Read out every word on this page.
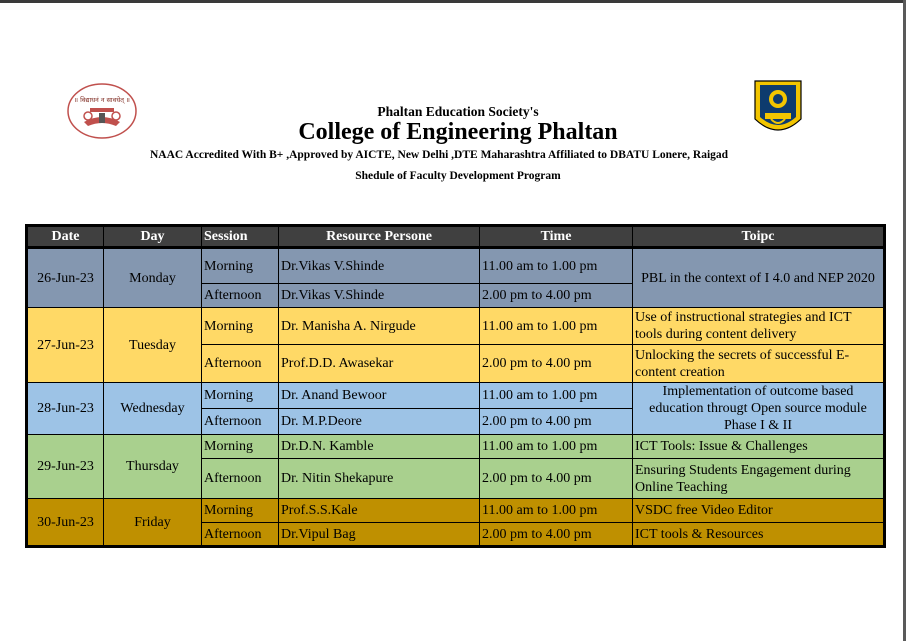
॥ विद्याधनं न सावधेत् ॥
Phaltan Education Society's
College of Engineering Phaltan
NAAC Accredited With B+ ,Approved by AICTE, New Delhi ,DTE Maharashtra Affiliated to DBATU Lonere, Raigad
Shedule of Faculty Development Program
Date	Day	Session	Resource Persone	Time	Toipc
26-Jun-23	Monday	Morning	Dr.Vikas V.Shinde	11.00 am to 1.00 pm	PBL in the context of I 4.0 and NEP 2020
		Afternoon	Dr.Vikas V.Shinde	2.00 pm to 4.00 pm	
27-Jun-23	Tuesday	Morning	Dr. Manisha A. Nirgude	11.00 am to 1.00 pm	Use of instructional strategies and ICT tools during content delivery
		Afternoon	Prof.D.D. Awasekar	2.00 pm to 4.00 pm	Unlocking the secrets of successful E-content creation
28-Jun-23	Wednesday	Morning	Dr. Anand Bewoor	11.00 am to 1.00 pm	Implementation of outcome based education througt Open source module Phase I & II
		Afternoon	Dr. M.P.Deore	2.00 pm to 4.00 pm	
29-Jun-23	Thursday	Morning	Dr.D.N. Kamble	11.00 am to 1.00 pm	ICT Tools: Issue & Challenges
		Afternoon	Dr. Nitin Shekapure	2.00 pm to 4.00 pm	Ensuring Students Engagement during Online Teaching
30-Jun-23	Friday	Morning	Prof.S.S.Kale	11.00 am to 1.00 pm	VSDC free Video Editor
		Afternoon	Dr.Vipul Bag	2.00 pm to 4.00 pm	ICT tools & Resources
